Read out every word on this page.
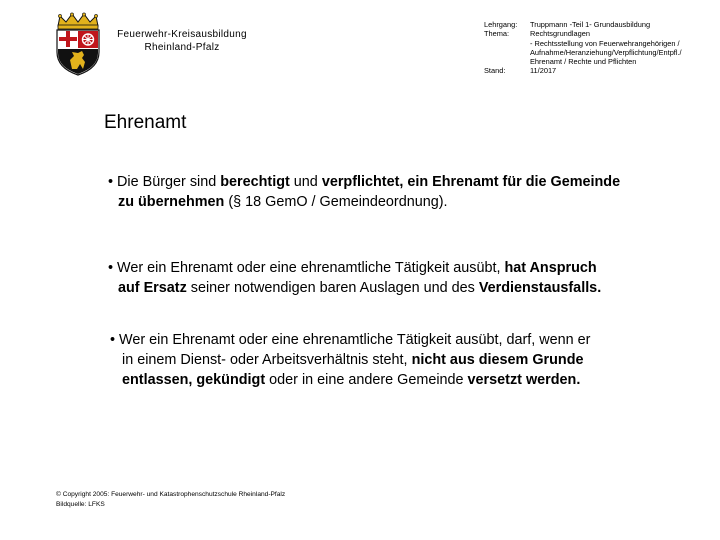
Feuerwehr-Kreisausbildung
Rheinland-Pfalz
Lehrgang:	Truppmann -Teil 1- Grundausbildung
Thema:	Rechtsgrundlagen
- Rechtsstellung von Feuerwehrangehörigen /
Aufnahme/Heranziehung/Verpflichtung/Entpfl./
Ehrenamt / Rechte und Pflichten
Stand:	11/2017
Ehrenamt
• Die Bürger sind berechtigt und verpflichtet, ein Ehrenamt für die Gemeinde
zu übernehmen (§ 18 GemO / Gemeindeordnung).
• Wer ein Ehrenamt oder eine ehrenamtliche Tätigkeit ausübt, hat Anspruch
auf Ersatz seiner notwendigen baren Auslagen und des Verdienstausfalls.
• Wer ein Ehrenamt oder eine ehrenamtliche Tätigkeit ausübt, darf, wenn er
in einem Dienst- oder Arbeitsverhältnis steht, nicht aus diesem Grunde
entlassen, gekündigt oder in eine andere Gemeinde versetzt werden.
© Copyright 2005: Feuerwehr- und Katastrophenschutzschule Rheinland-Pfalz
Bildquelle: LFKS
